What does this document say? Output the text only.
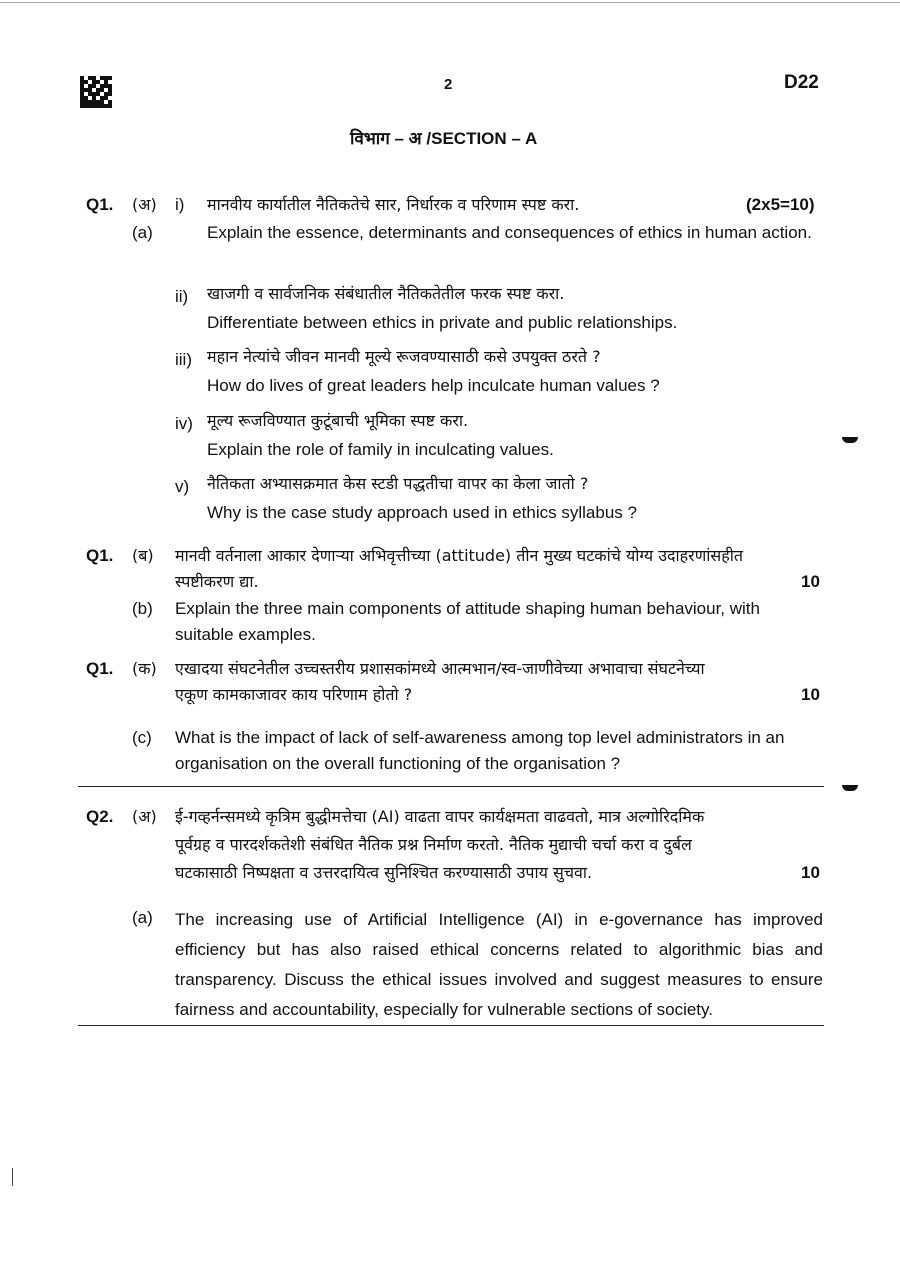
2	D22
विभाग – अ /SECTION – A
Q1. (अ) i) मानवीय कार्यातील नैतिकतेचे सार, निर्धारक व परिणाम स्पष्ट करा.	(2x5=10)
(a)	Explain the essence, determinants and consequences of ethics in human action.
ii) खाजगी व सार्वजनिक संबंधातील नैतिकतेतील फरक स्पष्ट करा.
Differentiate between ethics in private and public relationships.
iii) महान नेत्यांचे जीवन मानवी मूल्ये रूजवण्यासाठी कसे उपयुक्त ठरते ?
How do lives of great leaders help inculcate human values ?
iv) मूल्य रूजविण्यात कुटूंबाची भूमिका स्पष्ट करा.
Explain the role of family in inculcating values.
v) नैतिकता अभ्यासक्रमात केस स्टडी पद्धतीचा वापर का केला जातो ?
Why is the case study approach used in ethics syllabus ?
Q1. (ब) मानवी वर्तनाला आकार देणाऱ्या अभिवृत्तीच्या (attitude) तीन मुख्य घटकांचे योग्य उदाहरणांसहीत
स्पष्टीकरण द्या.	10
(b) Explain the three main components of attitude shaping human behaviour, with suitable examples.
Q1. (क) एखादया संघटनेतील उच्चस्तरीय प्रशासकांमध्ये आत्मभान/स्व-जाणीवेच्या अभावाचा संघटनेच्या
एकूण कामकाजावर काय परिणाम होतो ?	10
(c) What is the impact of lack of self-awareness among top level administrators in an organisation on the overall functioning of the organisation ?
Q2. (अ) ई-गव्हर्नन्समध्ये कृत्रिम बुद्धीमत्तेचा (AI) वाढता वापर कार्यक्षमता वाढवतो, मात्र अल्गोरिदमिक
पूर्वग्रह व पारदर्शकतेशी संबंधित नैतिक प्रश्न निर्माण करतो. नैतिक मुद्याची चर्चा करा व दुर्बल
घटकासाठी निष्पक्षता व उत्तरदायित्व सुनिश्चित करण्यासाठी उपाय सुचवा.	10
(a) The increasing use of Artificial Intelligence (AI) in e-governance has improved efficiency but has also raised ethical concerns related to algorithmic bias and transparency. Discuss the ethical issues involved and suggest measures to ensure fairness and accountability, especially for vulnerable sections of society.
